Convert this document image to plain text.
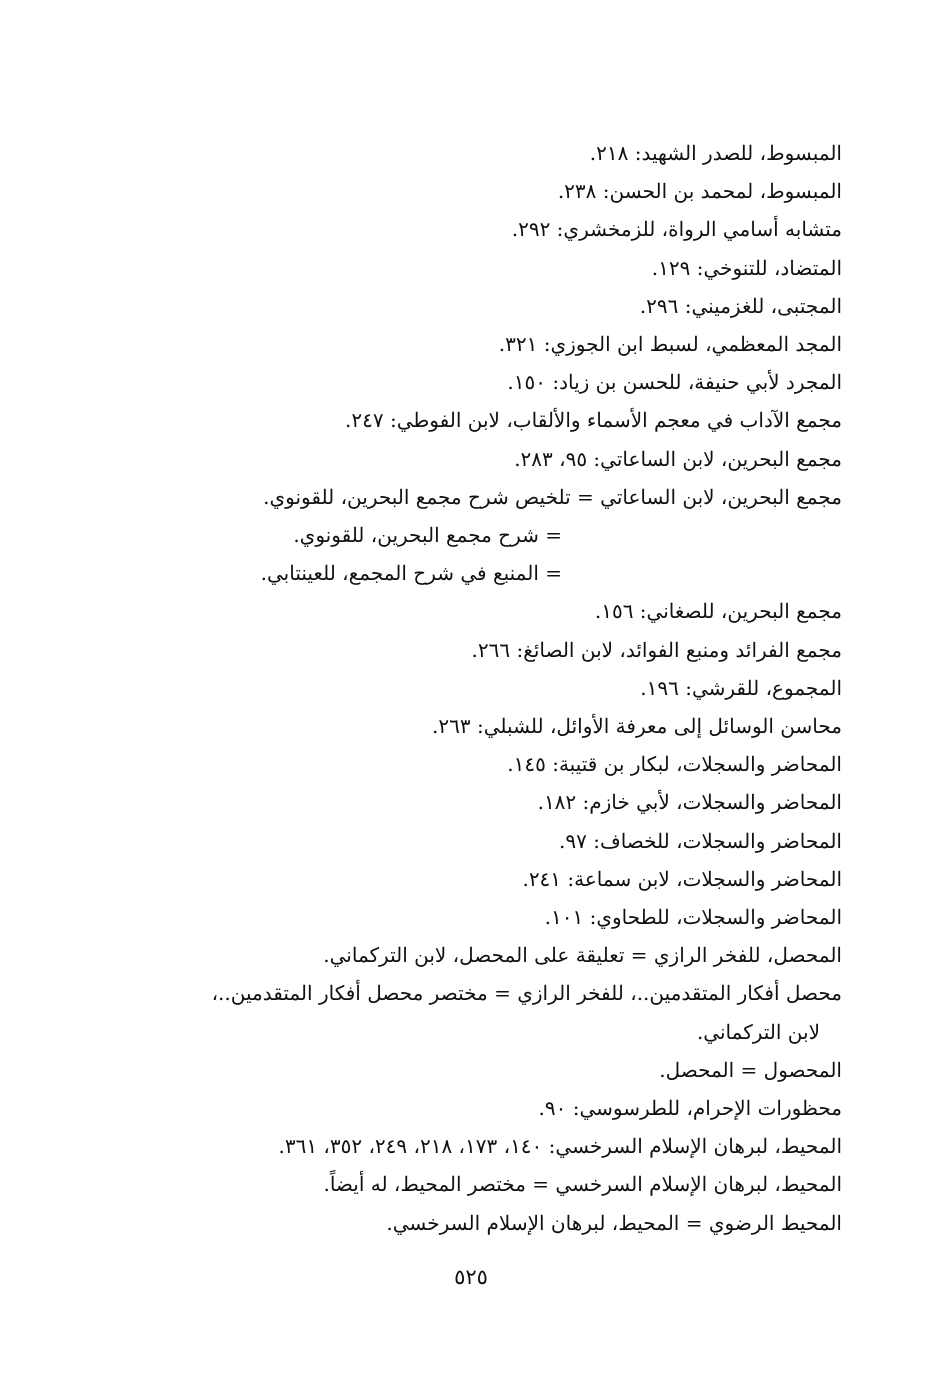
المبسوط، للصدر الشهيد: ٢١٨.
المبسوط، لمحمد بن الحسن: ٢٣٨.
متشابه أسامي الرواة، للزمخشري: ٢٩٢.
المتضاد، للتنوخي: ١٢٩.
المجتبى، للغزميني: ٢٩٦.
المجد المعظمي، لسبط ابن الجوزي: ٣٢١.
المجرد لأبي حنيفة، للحسن بن زياد: ١٥٠.
مجمع الآداب في معجم الأسماء والألقاب، لابن الفوطي: ٢٤٧.
مجمع البحرين، لابن الساعاتي: ٩٥، ٢٨٣.
مجمع البحرين، لابن الساعاتي = تلخيص شرح مجمع البحرين، للقونوي.
= شرح مجمع البحرين، للقونوي.
= المنبع في شرح المجمع، للعينتابي.
مجمع البحرين، للصغاني: ١٥٦.
مجمع الفرائد ومنبع الفوائد، لابن الصائغ: ٢٦٦.
المجموع، للقرشي: ١٩٦.
محاسن الوسائل إلى معرفة الأوائل، للشبلي: ٢٦٣.
المحاضر والسجلات، لبكار بن قتيبة: ١٤٥.
المحاضر والسجلات، لأبي خازم: ١٨٢.
المحاضر والسجلات، للخصاف: ٩٧.
المحاضر والسجلات، لابن سماعة: ٢٤١.
المحاضر والسجلات، للطحاوي: ١٠١.
المحصل، للفخر الرازي = تعليقة على المحصل، لابن التركماني.
محصل أفكار المتقدمين..، للفخر الرازي = مختصر محصل أفكار المتقدمين..،
لابن التركماني.
المحصول = المحصل.
محظورات الإحرام، للطرسوسي: ٩٠.
المحيط، لبرهان الإسلام السرخسي: ١٤٠، ١٧٣، ٢١٨، ٢٤٩، ٣٥٢، ٣٦١.
المحيط، لبرهان الإسلام السرخسي = مختصر المحيط، له أيضاً.
المحيط الرضوي = المحيط، لبرهان الإسلام السرخسي.
٥٢٥
